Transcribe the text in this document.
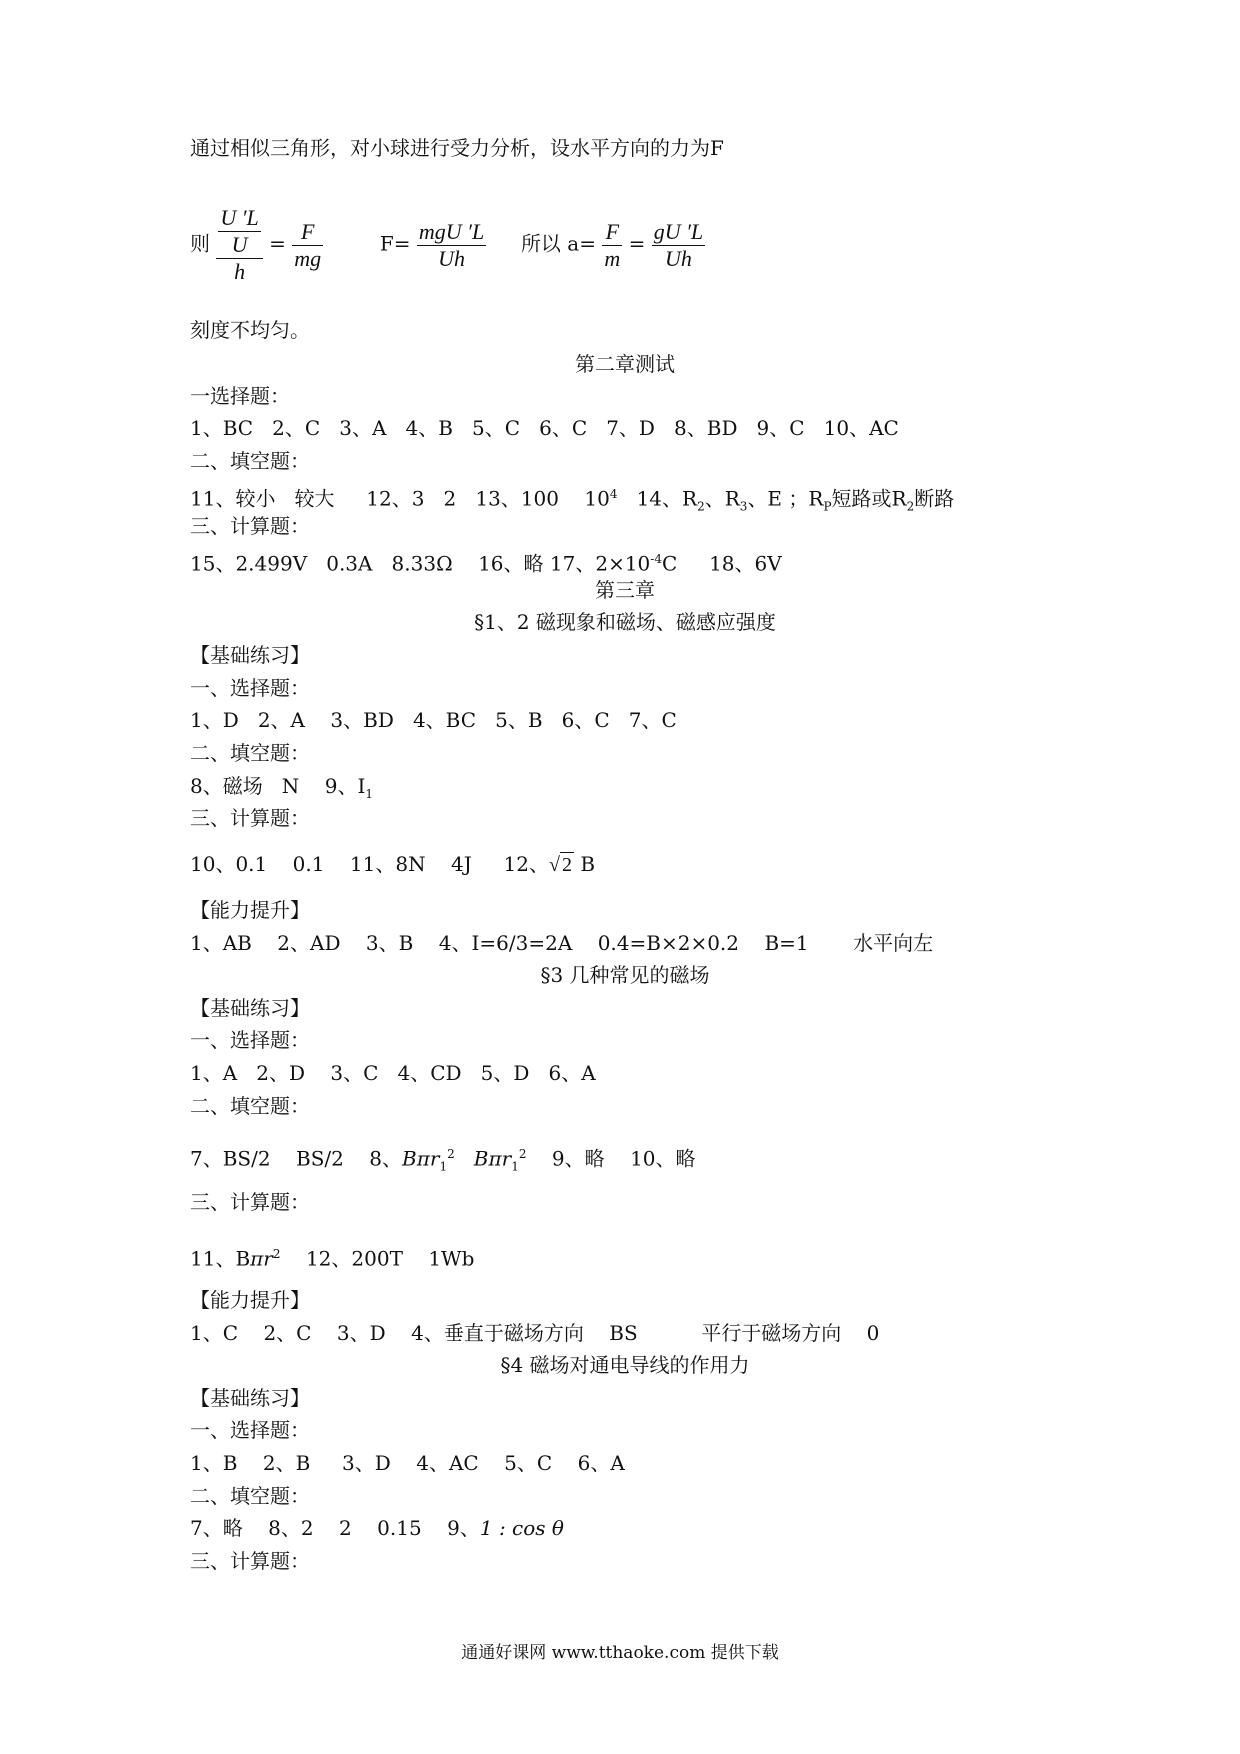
通过相似三角形，对小球进行受力分析，设水平方向的力为F
则 $\frac{\frac{U 'L}{U}}{h} = \frac{F}{mg}$	$F= \frac{\text{mgU ′L}}{Uh}$ 所以 $a= \frac{F}{m} = \frac{gU 'L}{Uh}$
刻度不均匀。
第二章测试
一选择题：
1、BC   2、C   3、A   4、B   5、C   6、C   7、D   8、BD   9、C   10、AC
二、填空题：
11、较小   较大     12、3   2   13、100    $10^4$   14、$R_2$、$R_3$、E ；$R_P$短路或$R_2$断路
三、计算题：
15、2.499V   0.3A   8.33Ω    16、略 17、$2\times 10^{-4}C$     18、6V
第三章
§1、2 磁现象和磁场、磁感应强度
【基础练习】
一、选择题：
1、D   2、A    3、BD   4、BC   5、B   6、C   7、C
二、填空题：
8、磁场   N    9、$I_1$
三、计算题：
10、0.1    0.1    11、8N    4J     12、√ 2 B
【能力提升】
1、AB    2、AD    3、B    4、I=6/3=2A    0.4=B×2×0.2    B=1       水平向左
§3 几种常见的磁场
【基础练习】
一、选择题：
1、A   2、D    3、C   4、CD   5、D   6、A
二、填空题：
7、BS/2    BS/2    8、Bπr$_1^2$ Bπr$_1^2$    9、略    10、略
三、计算题：
11、Bπr$^2$    12、200T    1Wb
【能力提升】
1、C    2、C    3、D    4、垂直于磁场方向    BS          平行于磁场方向    0
§4 磁场对通电导线的作用力
【基础练习】
一、选择题：
1、B    2、B     3、D    4、AC    5、C    6、A
二、填空题：
7、略    8、2    2    0.15    9、1 : cos θ
三、计算题：
通通好课网 www.tthaoke.com 提供下载
